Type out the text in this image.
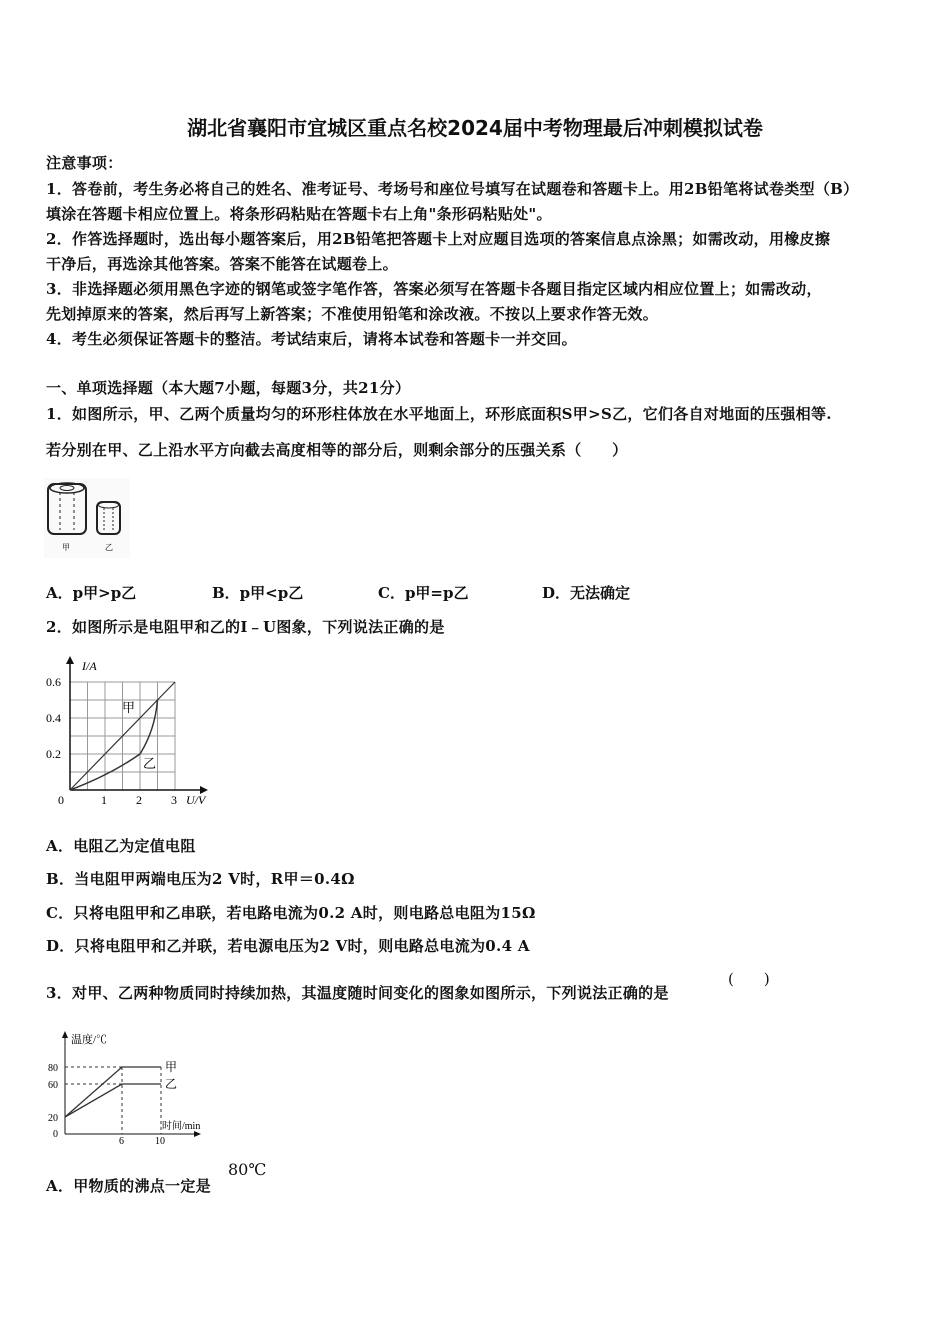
湖北省襄阳市宜城区重点名校2024届中考物理最后冲刺模拟试卷
注意事项：
1．答卷前，考生务必将自己的姓名、准考证号、考场号和座位号填写在试题卷和答题卡上。用2B铅笔将试卷类型（B）
填涂在答题卡相应位置上。将条形码粘贴在答题卡右上角"条形码粘贴处"。
2．作答选择题时，选出每小题答案后，用2B铅笔把答题卡上对应题目选项的答案信息点涂黑；如需改动，用橡皮擦
干净后，再选涂其他答案。答案不能答在试题卷上。
3．非选择题必须用黑色字迹的钢笔或签字笔作答，答案必须写在答题卡各题目指定区域内相应位置上；如需改动，
先划掉原来的答案，然后再写上新答案；不准使用铅笔和涂改液。不按以上要求作答无效。
4．考生必须保证答题卡的整洁。考试结束后，请将本试卷和答题卡一并交回。
一、单项选择题（本大题7小题，每题3分，共21分）
1．如图所示，甲、乙两个质量均匀的环形柱体放在水平地面上，环形底面积S甲>S乙，它们各自对地面的压强相等.
若分别在甲、乙上沿水平方向截去高度相等的部分后，则剩余部分的压强关系（　　）
甲	乙
A．p甲>p乙	B．p甲<p乙	C．p甲=p乙	D．无法确定
2．如图所示是电阻甲和乙的I﹣U图象，下列说法正确的是
I/A
U/V
0.6
0.4
0.2
0	1 2 3
甲
乙
A．电阻乙为定值电阻
B．当电阻甲两端电压为2 V时，R甲＝0.4Ω
C．只将电阻甲和乙串联，若电路电流为0.2 A时，则电路总电阻为15Ω
D．只将电阻甲和乙并联，若电源电压为2 V时，则电路总电流为0.4 A
3．对甲、乙两种物质同时持续加热，其温度随时间变化的图象如图所示，下列说法正确的是
(　　)
温度/℃
时间/min
80
60
20
0
6	10
甲
乙
A．甲物质的沸点一定是
80℃
